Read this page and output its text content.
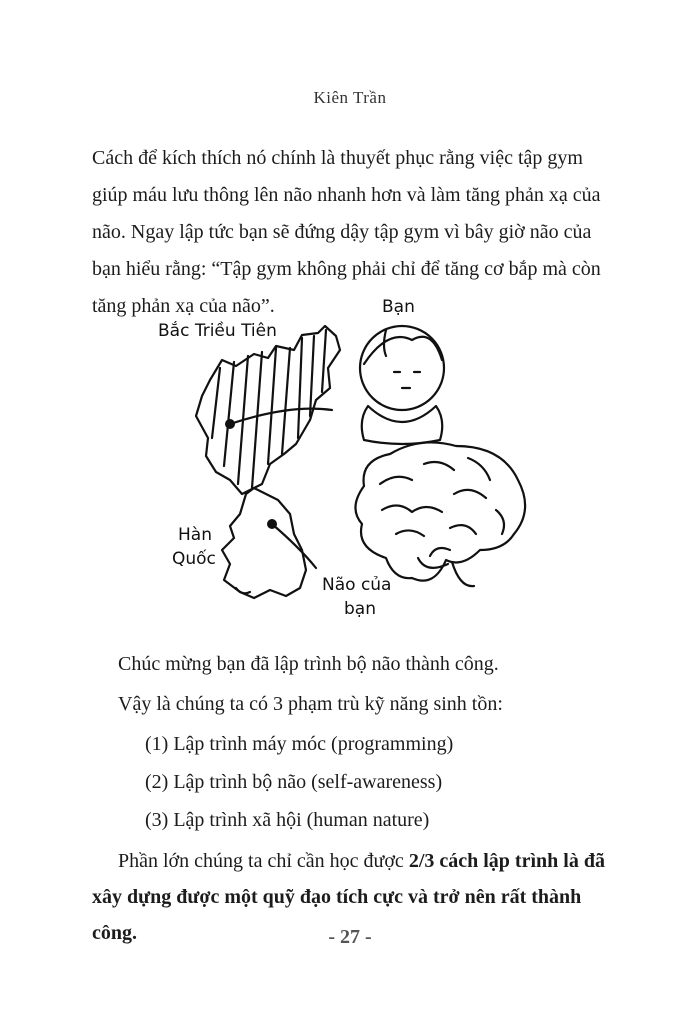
Kiên Trần
Cách để kích thích nó chính là thuyết phục rằng việc tập gym giúp máu lưu thông lên não nhanh hơn và làm tăng phản xạ của não. Ngay lập tức bạn sẽ đứng dậy tập gym vì bây giờ não của bạn hiểu rằng: “Tập gym không phải chỉ để tăng cơ bắp mà còn tăng phản xạ của não”.
Bắc Triều Tiên
Bạn
Hàn
Quốc
Não của
bạn
Chúc mừng bạn đã lập trình bộ não thành công.
Vậy là chúng ta có 3 phạm trù kỹ năng sinh tồn:
(1) Lập trình máy móc (programming)
(2) Lập trình bộ não (self-awareness)
(3) Lập trình xã hội (human nature)
Phần lớn chúng ta chỉ cần học được 2/3 cách lập trình là đã xây dựng được một quỹ đạo tích cực và trở nên rất thành công.	- 27 -
